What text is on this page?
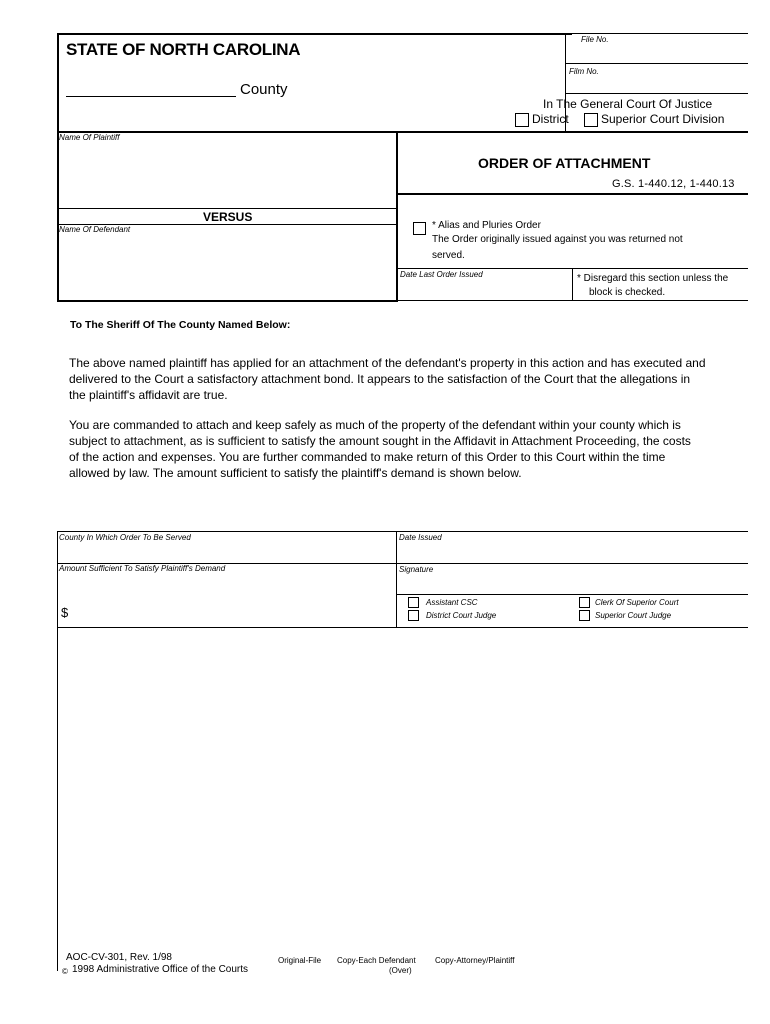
STATE OF NORTH CAROLINA
County
File No.
Film No.
In The General Court Of Justice
District	Superior Court Division
Name Of Plaintiff
VERSUS
Name Of Defendant
ORDER OF ATTACHMENT
G.S. 1-440.12, 1-440.13
* Alias and Pluries Order
The Order originally issued against you was returned not
served.
Date Last Order Issued	* Disregard this section unless the
block is checked.
To The Sheriff Of The County Named Below:
The above named plaintiff has applied for an attachment of the defendant's property in this action and has executed and
delivered to the Court a satisfactory attachment bond. It appears to the satisfaction of the Court that the allegations in
the plaintiff's affidavit are true.
You are commanded to attach and keep safely as much of the property of the defendant within your county which is
subject to attachment, as is sufficient to satisfy the amount sought in the Affidavit in Attachment Proceeding, the costs
of the action and expenses. You are further commanded to make return of this Order to this Court within the time
allowed by law. The amount sufficient to satisfy the plaintiff's demand is shown below.
County In Which Order To Be Served	Date Issued
Amount Sufficient To Satisfy Plaintiff's Demand	Signature
$
Assistant CSC
District Court Judge
Clerk Of Superior Court
Superior Court Judge
AOC-CV-301, Rev. 1/98
© 1998 Administrative Office of the Courts
Original-File Copy-Each Defendant Copy-Attorney/Plaintiff
(Over)
